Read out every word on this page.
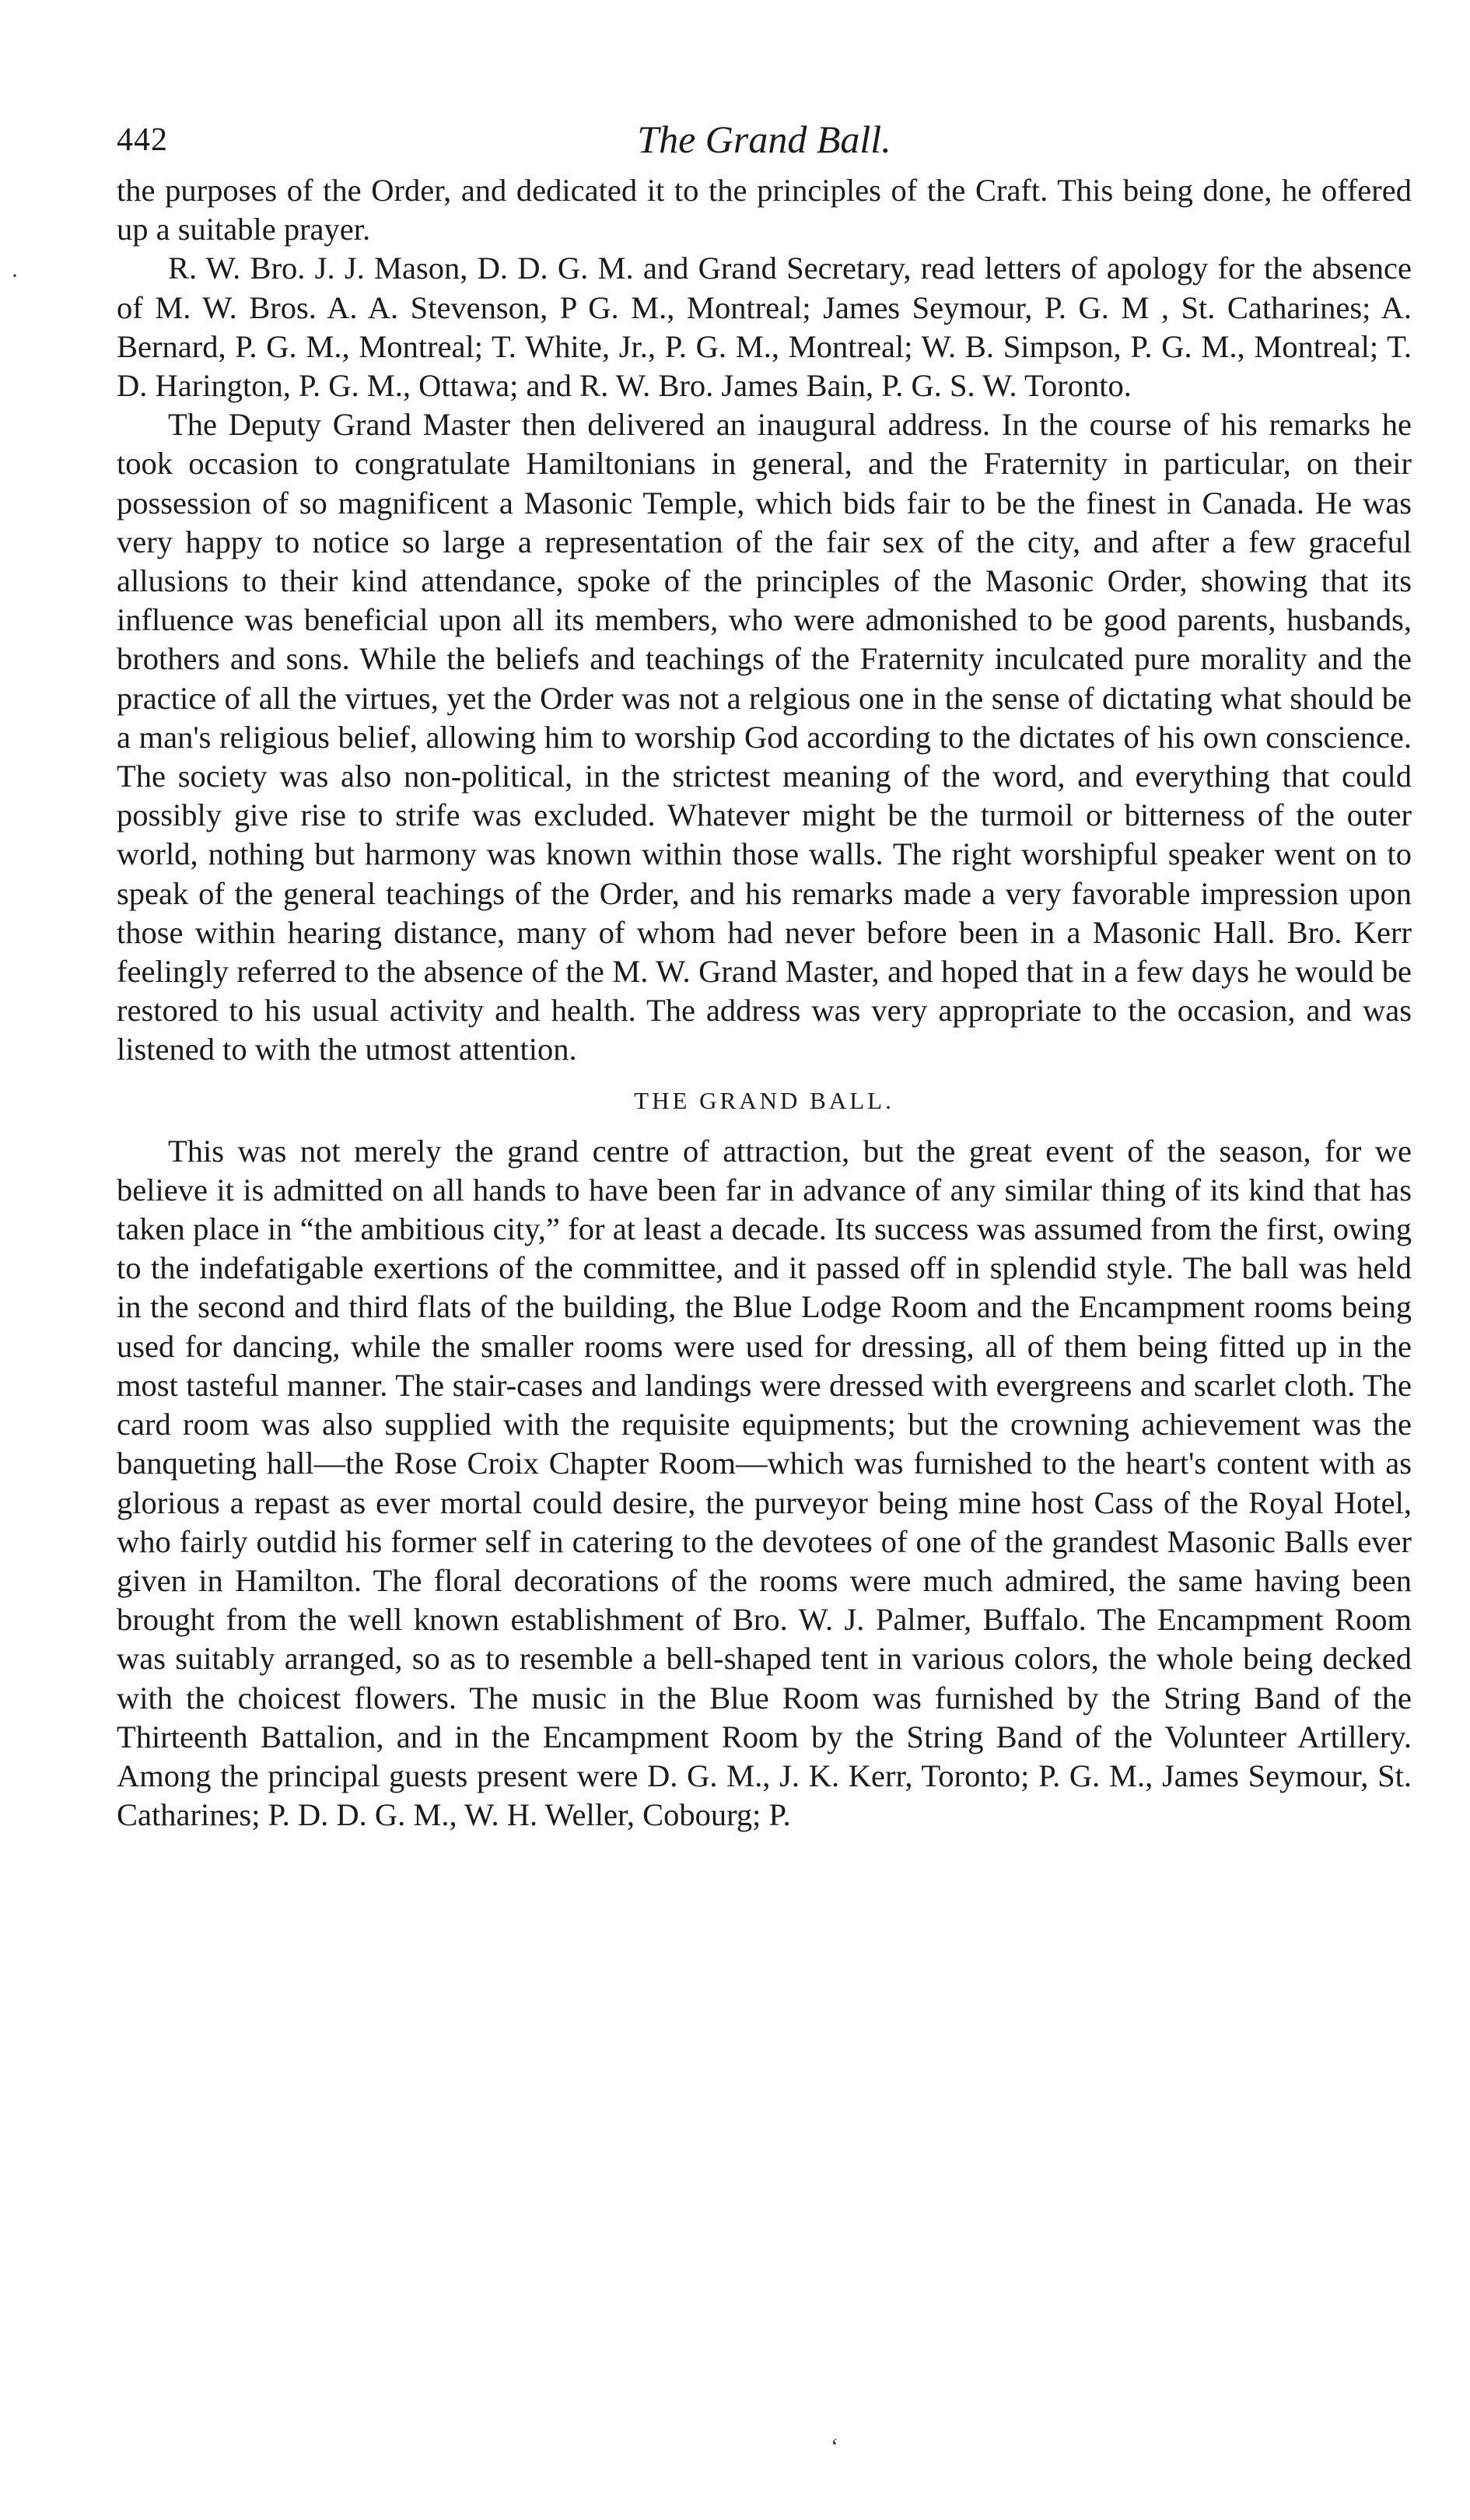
442	The Grand Ball.

the purposes of the Order, and dedicated it to the principles of the Craft. This being done, he offered up a suitable prayer.

R. W. Bro. J. J. Mason, D. D. G. M. and Grand Secretary, read letters of apology for the absence of M. W. Bros. A. A. Stevenson, P G. M., Montreal; James Seymour, P. G. M , St. Catharines; A. Bernard, P. G. M., Montreal; T. White, Jr., P. G. M., Montreal; W. B. Simpson, P. G. M., Montreal; T. D. Harington, P. G. M., Ottawa; and R. W. Bro. James Bain, P. G. S. W. Toronto.

The Deputy Grand Master then delivered an inaugural address. In the course of his remarks he took occasion to congratulate Hamiltonians in general, and the Fraternity in particular, on their possession of so magnificent a Masonic Temple, which bids fair to be the finest in Canada. He was very happy to notice so large a representation of the fair sex of the city, and after a few graceful allusions to their kind attendance, spoke of the principles of the Masonic Order, showing that its influence was beneficial upon all its members, who were admonished to be good parents, husbands, brothers and sons. While the beliefs and teachings of the Fraternity inculcated pure morality and the practice of all the virtues, yet the Order was not a relgious one in the sense of dictating what should be a man's religious belief, allowing him to worship God according to the dictates of his own conscience. The society was also non-political, in the strictest meaning of the word, and everything that could possibly give rise to strife was excluded. Whatever might be the turmoil or bitterness of the outer world, nothing but harmony was known within those walls. The right worshipful speaker went on to speak of the general teachings of the Order, and his remarks made a very favorable impression upon those within hearing distance, many of whom had never before been in a Masonic Hall. Bro. Kerr feelingly referred to the absence of the M. W. Grand Master, and hoped that in a few days he would be restored to his usual activity and health. The address was very appropriate to the occasion, and was listened to with the utmost attention.

THE GRAND BALL.

This was not merely the grand centre of attraction, but the great event of the season, for we believe it is admitted on all hands to have been far in advance of any similar thing of its kind that has taken place in “the ambitious city,” for at least a decade. Its success was assumed from the first, owing to the indefatigable exertions of the committee, and it passed off in splendid style. The ball was held in the second and third flats of the building, the Blue Lodge Room and the Encampment rooms being used for dancing, while the smaller rooms were used for dressing, all of them being fitted up in the most tasteful manner. The stair-cases and landings were dressed with evergreens and scarlet cloth. The card room was also supplied with the requisite equipments; but the crowning achievement was the banqueting hall—the Rose Croix Chapter Room—which was furnished to the heart's content with as glorious a repast as ever mortal could desire, the purveyor being mine host Cass of the Royal Hotel, who fairly outdid his former self in catering to the devotees of one of the grandest Masonic Balls ever given in Hamilton. The floral decorations of the rooms were much admired, the same having been brought from the well known establishment of Bro. W. J. Palmer, Buffalo. The Encampment Room was suitably arranged, so as to resemble a bell-shaped tent in various colors, the whole being decked with the choicest flowers. The music in the Blue Room was furnished by the String Band of the Thirteenth Battalion, and in the Encampment Room by the String Band of the Volunteer Artillery. Among the principal guests present were D. G. M., J. K. Kerr, Toronto; P. G. M., James Seymour, St. Catharines; P. D. D. G. M., W. H. Weller, Cobourg; P.

·
‘
